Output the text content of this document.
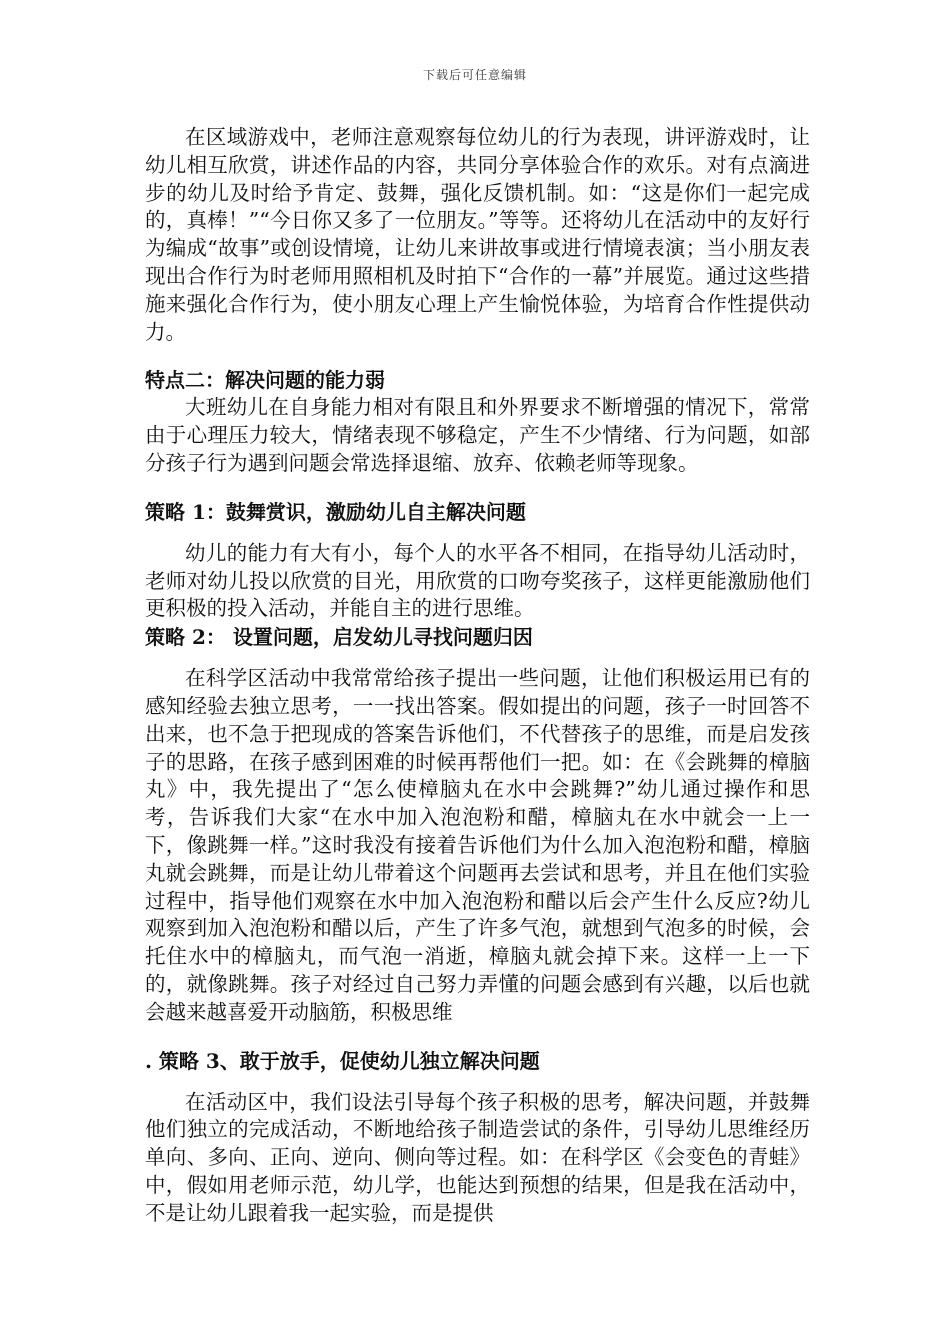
下载后可任意编辑

在区域游戏中，老师注意观察每位幼儿的行为表现，讲评游戏时，让幼儿相互欣赏，讲述作品的内容，共同分享体验合作的欢乐。对有点滴进步的幼儿及时给予肯定、鼓舞，强化反馈机制。如：“这是你们一起完成的，真棒！”“今日你又多了一位朋友。”等等。还将幼儿在活动中的友好行为编成“故事”或创设情境，让幼儿来讲故事或进行情境表演；当小朋友表现出合作行为时老师用照相机及时拍下“合作的一幕”并展览。通过这些措施来强化合作行为，使小朋友心理上产生愉悦体验，为培育合作性提供动力。

特点二：解决问题的能力弱

大班幼儿在自身能力相对有限且和外界要求不断增强的情况下，常常由于心理压力较大，情绪表现不够稳定，产生不少情绪、行为问题，如部分孩子行为遇到问题会常选择退缩、放弃、依赖老师等现象。

策略 1：鼓舞赏识，激励幼儿自主解决问题

幼儿的能力有大有小，每个人的水平各不相同，在指导幼儿活动时，老师对幼儿投以欣赏的目光，用欣赏的口吻夸奖孩子，这样更能激励他们更积极的投入活动，并能自主的进行思维。

策略 2： 设置问题，启发幼儿寻找问题归因

在科学区活动中我常常给孩子提出一些问题，让他们积极运用已有的感知经验去独立思考，一一找出答案。假如提出的问题，孩子一时回答不出来，也不急于把现成的答案告诉他们，不代替孩子的思维，而是启发孩子的思路，在孩子感到困难的时候再帮他们一把。如：在《会跳舞的樟脑丸》中，我先提出了“怎么使樟脑丸在水中会跳舞?”幼儿通过操作和思考，告诉我们大家“在水中加入泡泡粉和醋，樟脑丸在水中就会一上一下，像跳舞一样。”这时我没有接着告诉他们为什么加入泡泡粉和醋，樟脑丸就会跳舞，而是让幼儿带着这个问题再去尝试和思考，并且在他们实验过程中，指导他们观察在水中加入泡泡粉和醋以后会产生什么反应?幼儿观察到加入泡泡粉和醋以后，产生了许多气泡，就想到气泡多的时候，会托住水中的樟脑丸，而气泡一消逝，樟脑丸就会掉下来。这样一上一下的，就像跳舞。孩子对经过自己努力弄懂的问题会感到有兴趣，以后也就会越来越喜爱开动脑筋，积极思维

. 策略 3、敢于放手，促使幼儿独立解决问题

在活动区中，我们设法引导每个孩子积极的思考，解决问题，并鼓舞他们独立的完成活动，不断地给孩子制造尝试的条件，引导幼儿思维经历单向、多向、正向、逆向、侧向等过程。如：在科学区《会变色的青蛙》中，假如用老师示范，幼儿学，也能达到预想的结果，但是我在活动中，不是让幼儿跟着我一起实验，而是提供
